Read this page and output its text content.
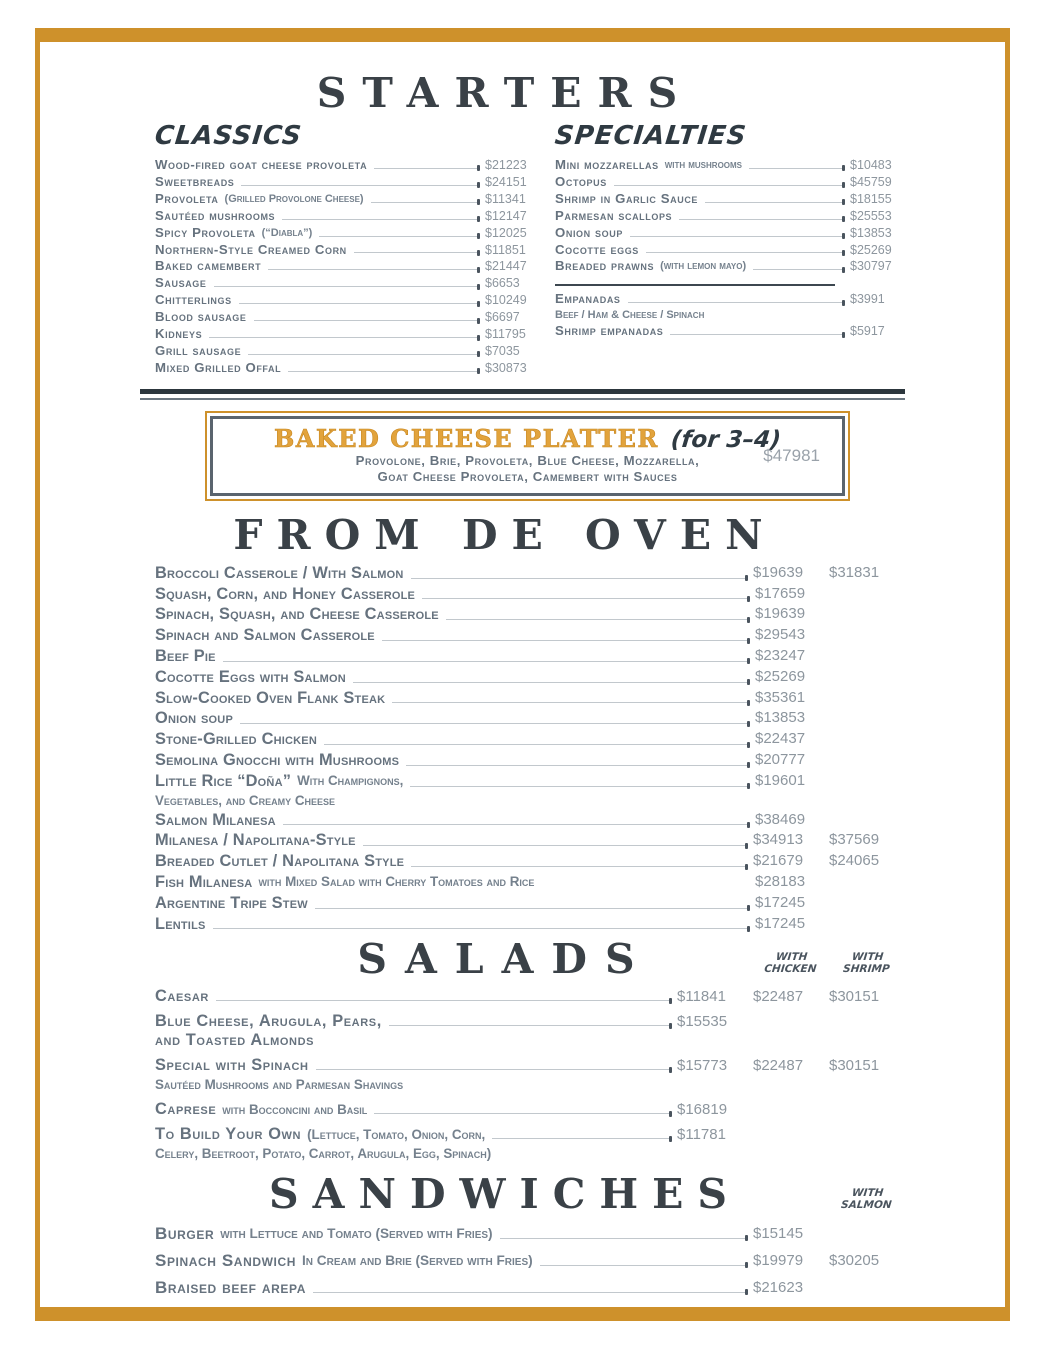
STARTERS
CLASSICS
Wood-fired goat cheese provoleta	$21223
Sweetbreads	$24151
Provoleta (Grilled Provolone Cheese)	$11341
Sautéed mushrooms	$12147
Spicy Provoleta (“Diabla”)	$12025
Northern-Style Creamed Corn	$11851
Baked camembert	$21447
Sausage	$6653
Chitterlings	$10249
Blood sausage	$6697
Kidneys	$11795
Grill sausage	$7035
Mixed Grilled Offal	$30873
SPECIALTIES
Mini mozzarellas with mushrooms	$10483
Octopus	$45759
Shrimp in Garlic Sauce	$18155
Parmesan scallops	$25553
Onion soup	$13853
Cocotte eggs	$25269
Breaded prawns (with lemon mayo)	$30797
Empanadas	$3991
Beef / Ham & Cheese / Spinach
Shrimp empanadas	$5917
BAKED CHEESE PLATTER (for 3–4)
Provolone, Brie, Provoleta, Blue Cheese, Mozzarella,
Goat Cheese Provoleta, Camembert with Sauces
$47981
FROM DE OVEN
Broccoli Casserole / With Salmon	$19639	$31831
Squash, Corn, and Honey Casserole	$17659
Spinach, Squash, and Cheese Casserole	$19639
Spinach and Salmon Casserole	$29543
Beef Pie	$23247
Cocotte Eggs with Salmon	$25269
Slow-Cooked Oven Flank Steak	$35361
Onion soup	$13853
Stone-Grilled Chicken	$22437
Semolina Gnocchi with Mushrooms	$20777
Little Rice “Doña” With Champignons,	$19601
Vegetables, and Creamy Cheese
Salmon Milanesa	$38469
Milanesa / Napolitana-Style	$34913	$37569
Breaded Cutlet / Napolitana Style	$21679	$24065
Fish Milanesa with Mixed Salad with Cherry Tomatoes and Rice	$28183
Argentine Tripe Stew	$17245
Lentils	$17245
SALADS	WITH CHICKEN
WITH SHRIMP
Caesar	$11841	$22487	$30151
Blue Cheese, Arugula, Pears,	$15535
and Toasted Almonds
Special with Spinach	$15773	$22487	$30151
Sautéed Mushrooms and Parmesan Shavings
Caprese with Bocconcini and Basil	$16819
To Build Your Own (Lettuce, Tomato, Onion, Corn,	$11781
Celery, Beetroot, Potato, Carrot, Arugula, Egg, Spinach)
SANDWICHES	WITH SALMON
Burger with Lettuce and Tomato (Served with Fries)	$15145
Spinach Sandwich In Cream and Brie (Served with Fries)	$19979	$30205
Braised beef arepa	$21623
